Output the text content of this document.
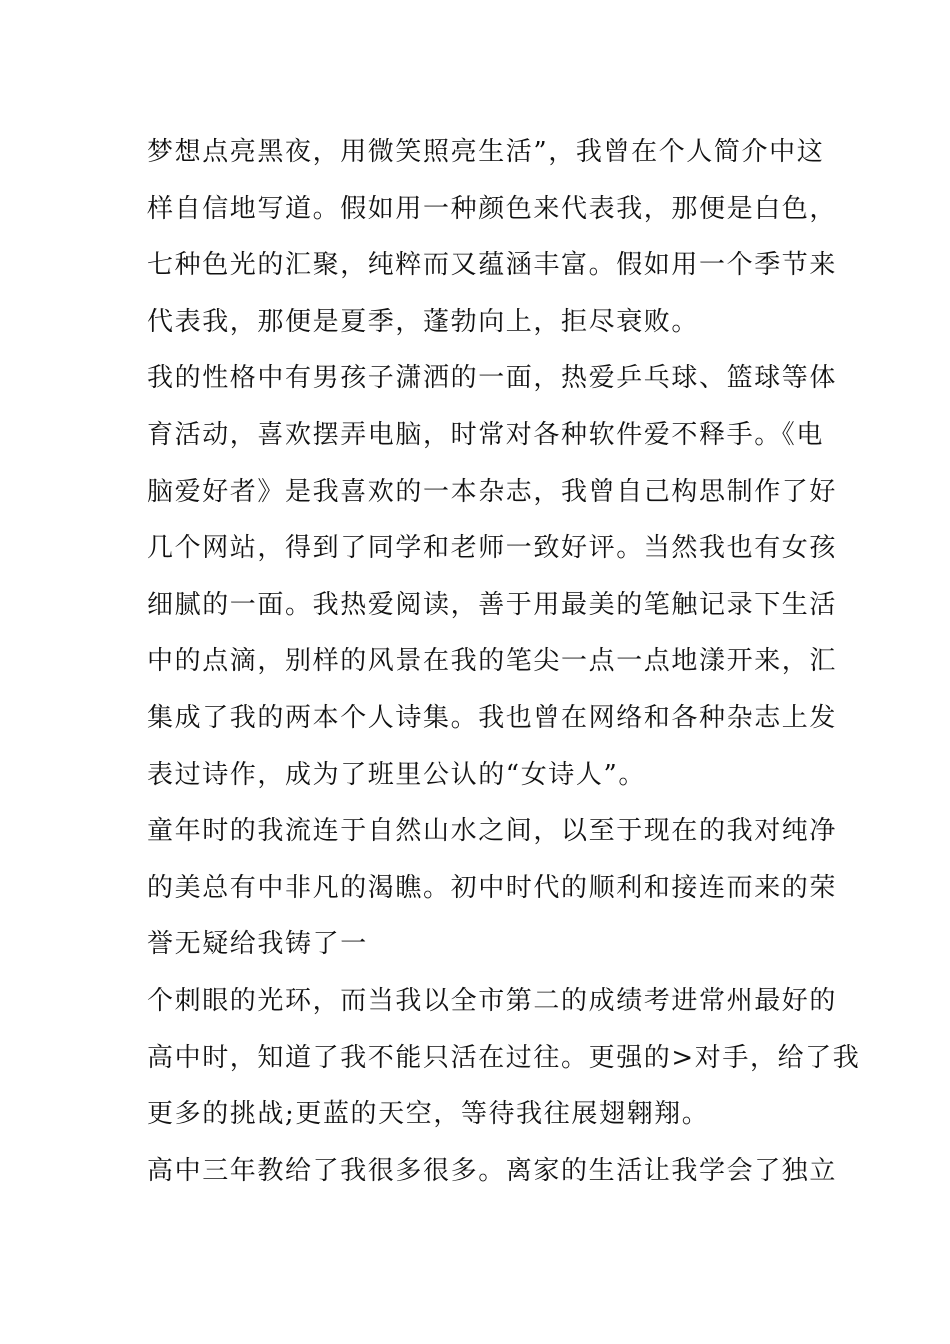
梦想点亮黑夜，用微笑照亮生活”，我曾在个人简介中这
样自信地写道。假如用一种颜色来代表我，那便是白色，
七种色光的汇聚，纯粹而又蕴涵丰富。假如用一个季节来
代表我，那便是夏季，蓬勃向上，拒尽衰败。
我的性格中有男孩子潇洒的一面，热爱乒乓球、篮球等体
育活动，喜欢摆弄电脑，时常对各种软件爱不释手。《电
脑爱好者》是我喜欢的一本杂志，我曾自己构思制作了好
几个网站，得到了同学和老师一致好评。当然我也有女孩
细腻的一面。我热爱阅读，善于用最美的笔触记录下生活
中的点滴，别样的风景在我的笔尖一点一点地漾开来，汇
集成了我的两本个人诗集。我也曾在网络和各种杂志上发
表过诗作，成为了班里公认的“女诗人”。
童年时的我流连于自然山水之间，以至于现在的我对纯净
的美总有中非凡的渴瞧。初中时代的顺利和接连而来的荣
誉无疑给我铸了一
个刺眼的光环，而当我以全市第二的成绩考进常州最好的
高中时，知道了我不能只活在过往。更强的>对手，给了我
更多的挑战;更蓝的天空，等待我往展翅翱翔。
高中三年教给了我很多很多。离家的生活让我学会了独立
